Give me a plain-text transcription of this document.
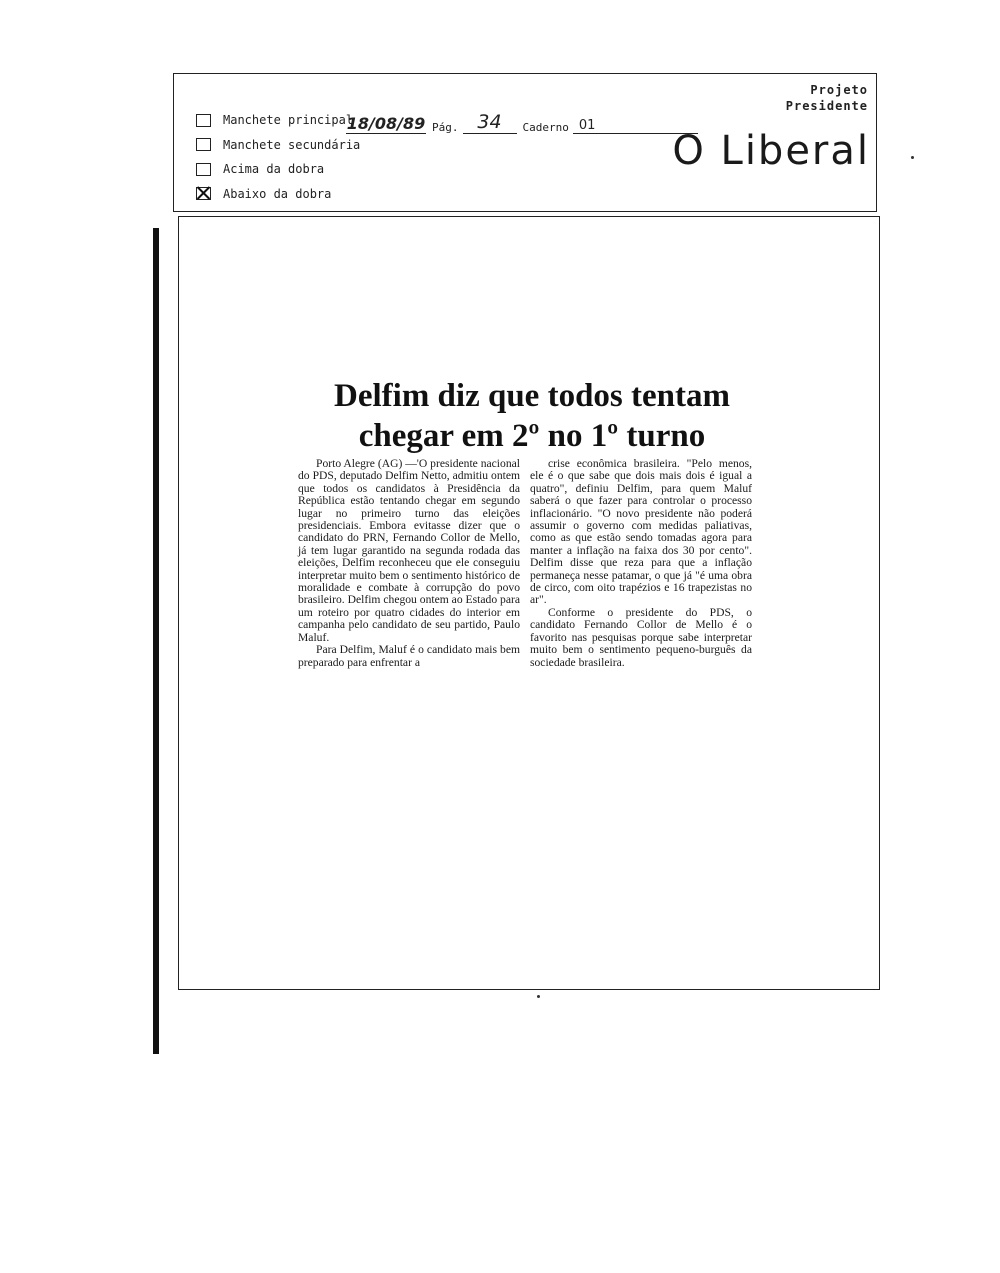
Manchete principal
Manchete secundária
Acima da dobra
Abaixo da dobra
Projeto
Presidente
O Liberal
18/08/89 Pág. 34	Caderno 01
Delfim diz que todos tentam
chegar em 2º no 1º turno

Porto Alegre (AG) —'O presidente nacional do PDS, deputado Delfim Netto, admitiu ontem que todos os candidatos à Presidência da República estão tentando chegar em segundo lugar no primeiro turno das eleições presidenciais. Embora evitasse dizer que o candidato do PRN, Fernando Collor de Mello, já tem lugar garantido na segunda rodada das eleições, Delfim reconheceu que ele conseguiu interpretar muito bem o sentimento histórico de moralidade e combate à corrupção do povo brasileiro. Delfim chegou ontem ao Estado para um roteiro por quatro cidades do interior em campanha pelo candidato de seu partido, Paulo Maluf.

Para Delfim, Maluf é o candidato mais bem preparado para enfrentar a

crise econômica brasileira. "Pelo menos, ele é o que sabe que dois mais dois é igual a quatro", definiu Delfim, para quem Maluf saberá o que fazer para controlar o processo inflacionário. "O novo presidente não poderá assumir o governo com medidas paliativas, como as que estão sendo tomadas agora para manter a inflação na faixa dos 30 por cento". Delfim disse que reza para que a inflação permaneça nesse patamar, o que já "é uma obra de circo, com oito trapézios e 16 trapezistas no ar".

Conforme o presidente do PDS, o candidato Fernando Collor de Mello é o favorito nas pesquisas porque sabe interpretar muito bem o sentimento pequeno-burguês da sociedade brasileira.
